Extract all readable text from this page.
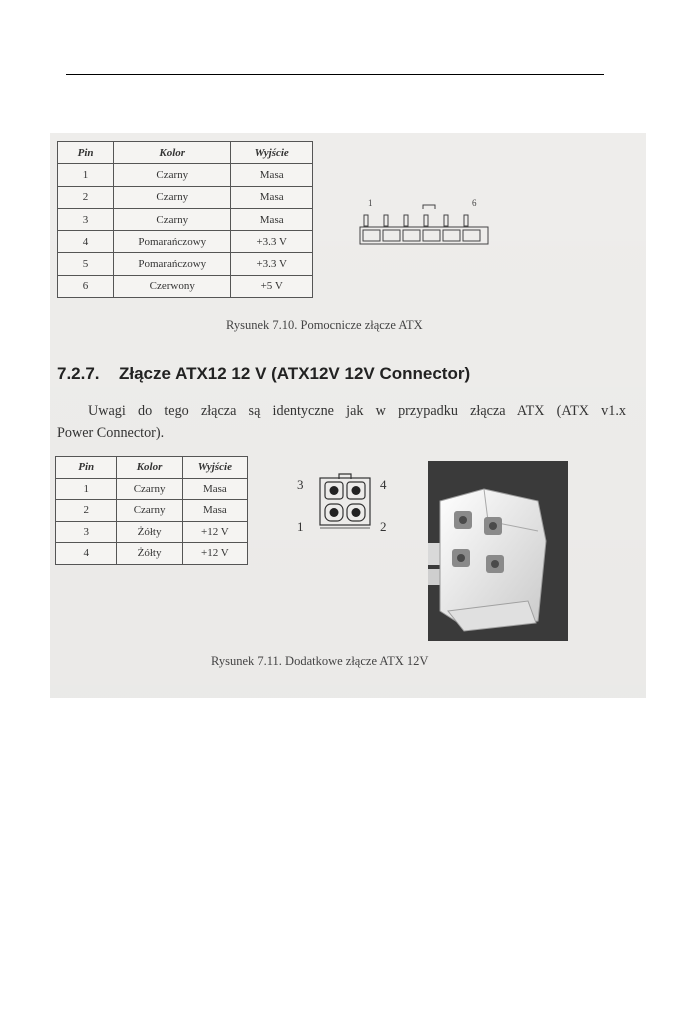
Pin	Kolor	Wyjście
1	Czarny	Masa
2	Czarny	Masa
3	Czarny	Masa
4	Pomarańczowy	+3.3 V
5	Pomarańczowy	+3.3 V
6	Czerwony	+5 V
1	6
Rysunek 7.10. Pomocnicze złącze ATX
7.2.7. Złącze ATX12 12 V (ATX12V 12V Connector)
Uwagi do tego złącza są identyczne jak w przypadku złącza ATX (ATX v1.x
Power Connector).
Pin	Kolor	Wyjście
1	Czarny	Masa
2	Czarny	Masa
3	Żółty	+12 V
4	Żółty	+12 V
3	4
1	2
Rysunek 7.11. Dodatkowe złącze ATX 12V
